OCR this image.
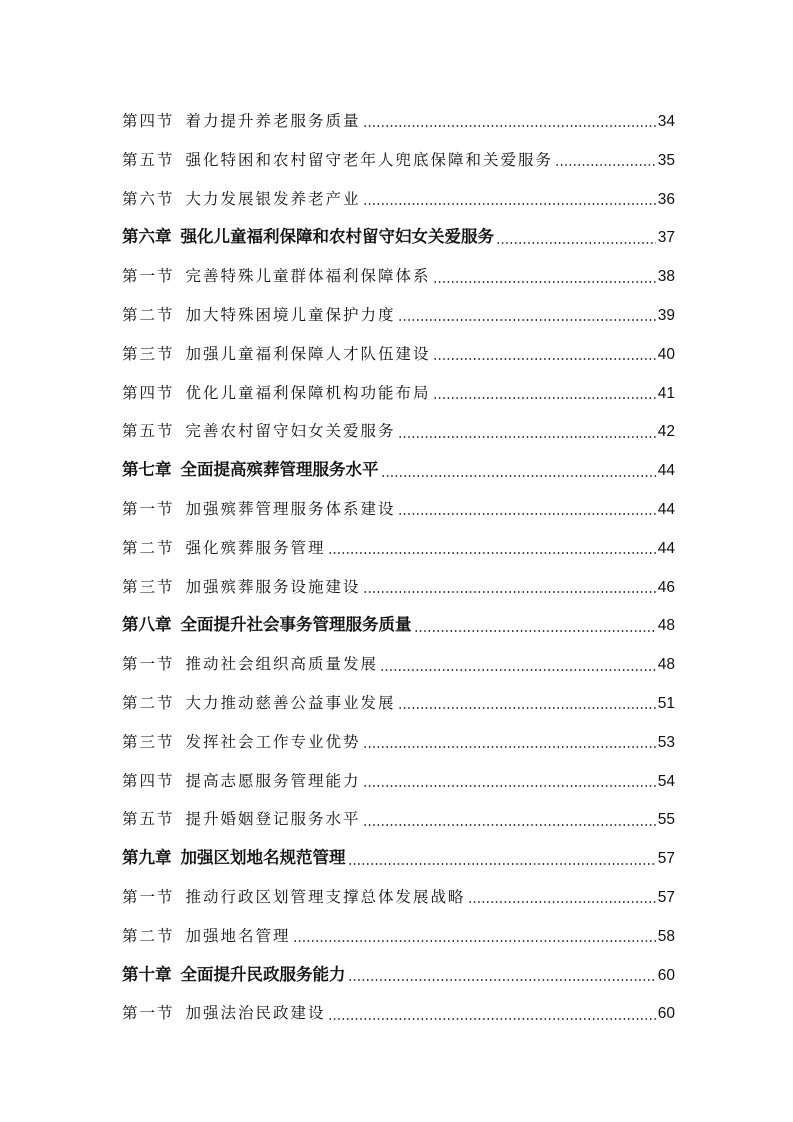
第四节 着力提升养老服务质量	34
第五节 强化特困和农村留守老年人兜底保障和关爱服务	35
第六节 大力发展银发养老产业	36
第六章 强化儿童福利保障和农村留守妇女关爱服务	37
第一节 完善特殊儿童群体福利保障体系	38
第二节 加大特殊困境儿童保护力度	39
第三节 加强儿童福利保障人才队伍建设	40
第四节 优化儿童福利保障机构功能布局	41
第五节 完善农村留守妇女关爱服务	42
第七章 全面提高殡葬管理服务水平	44
第一节 加强殡葬管理服务体系建设	44
第二节 强化殡葬服务管理	44
第三节 加强殡葬服务设施建设	46
第八章 全面提升社会事务管理服务质量	48
第一节 推动社会组织高质量发展	48
第二节 大力推动慈善公益事业发展	51
第三节 发挥社会工作专业优势	53
第四节 提高志愿服务管理能力	54
第五节 提升婚姻登记服务水平	55
第九章 加强区划地名规范管理	57
第一节 推动行政区划管理支撑总体发展战略	57
第二节 加强地名管理	58
第十章 全面提升民政服务能力	60
第一节 加强法治民政建设	60
